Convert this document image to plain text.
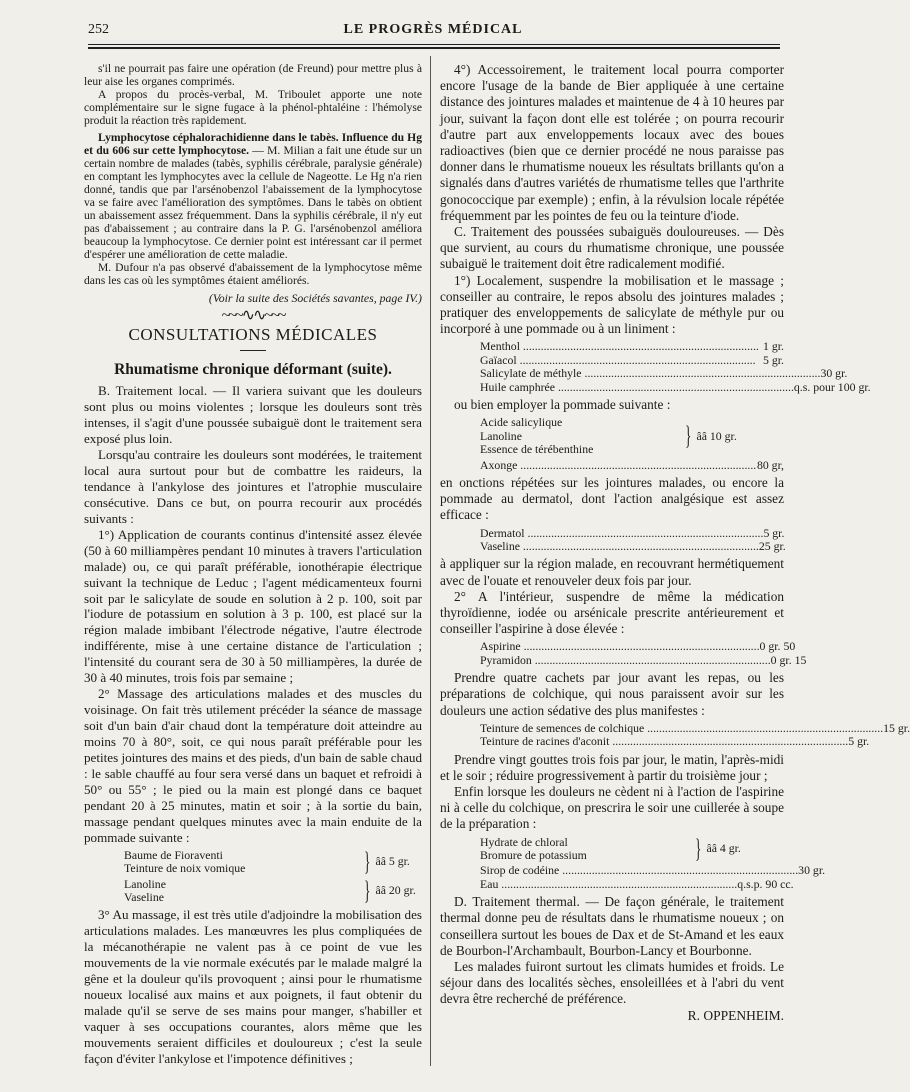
252	LE PROGRÈS MÉDICAL

s'il ne pourrait pas faire une opération (de Freund) pour mettre plus à leur aise les organes comprimés.

A propos du procès-verbal, M. Triboulet apporte une note complémentaire sur le signe fugace à la phénol-phtaléine : l'hémolyse produit la réaction très rapidement.

Lymphocytose céphalorachidienne dans le tabès. Influence du Hg et du 606 sur cette lymphocytose. — M. Milian a fait une étude sur un certain nombre de malades (tabès, syphilis cérébrale, paralysie générale) en comptant les lymphocytes avec la cellule de Nageotte. Le Hg n'a rien donné, tandis que par l'arsénobenzol l'abaissement de la lymphocytose va se faire avec l'amélioration des symptômes. Dans le tabès on obtient un abaissement assez fréquemment. Dans la syphilis cérébrale, il n'y eut pas d'abaissement ; au contraire dans la P. G. l'arsénobenzol améliora beaucoup la lymphocytose. Ce dernier point est intéressant car il permet d'espérer une amélioration de cette maladie.

M. Dufour n'a pas observé d'abaissement de la lymphocytose même dans les cas où les symptômes étaient améliorés.

(Voir la suite des Sociétés savantes, page IV.)

~~~∿∿~~~

CONSULTATIONS MÉDICALES

Rhumatisme chronique déformant (suite).

B. Traitement local. — Il variera suivant que les douleurs sont plus ou moins violentes ; lorsque les douleurs sont très intenses, il s'agit d'une poussée subaiguë dont le traitement sera exposé plus loin.

Lorsqu'au contraire les douleurs sont modérées, le traitement local aura surtout pour but de combattre les raideurs, la tendance à l'ankylose des jointures et l'atrophie musculaire consécutive. Dans ce but, on pourra recourir aux procédés suivants :

1°) Application de courants continus d'intensité assez élevée (50 à 60 milliampères pendant 10 minutes à travers l'articulation malade) ou, ce qui paraît préférable, ionothérapie électrique suivant la technique de Leduc ; l'agent médicamenteux fourni soit par le salicylate de soude en solution à 2 p. 100, soit par l'iodure de potassium en solution à 3 p. 100, est placé sur la région malade imbibant l'électrode négative, l'autre électrode indifférente, mise à une certaine distance de l'articulation ; l'intensité du courant sera de 30 à 50 milliampères, la durée de 30 à 40 minutes, trois fois par semaine ;

2° Massage des articulations malades et des muscles du voisinage. On fait très utilement précéder la séance de massage soit d'un bain d'air chaud dont la température doit atteindre au moins 70 à 80°, soit, ce qui nous paraît préférable pour les petites jointures des mains et des pieds, d'un bain de sable chaud : le sable chauffé au four sera versé dans un baquet et refroidi à 50° ou 55° ; le pied ou la main est plongé dans ce baquet pendant 20 à 25 minutes, matin et soir ; à la sortie du bain, massage pendant quelques minutes avec la main enduite de la pommade suivante :

Baume de Fioraventi
Teinture de noix vomique	} ââ 5 gr.
Lanoline
Vaseline	} ââ 20 gr.

3° Au massage, il est très utile d'adjoindre la mobilisation des articulations malades. Les manœuvres les plus compliquées de la mécanothérapie ne valent pas à ce point de vue les mouvements de la vie normale exécutés par le malade malgré la gêne et la douleur qu'ils provoquent ; ainsi pour le rhumatisme noueux localisé aux mains et aux poignets, il faut obtenir du malade qu'il se serve de ses mains pour manger, s'habiller et vaquer à ses occupations courantes, alors même que les mouvements seraient difficiles et douloureux ; c'est la seule façon d'éviter l'ankylose et l'impotence définitives ;

4°) Accessoirement, le traitement local pourra comporter encore l'usage de la bande de Bier appliquée à une certaine distance des jointures malades et maintenue de 4 à 10 heures par jour, suivant la façon dont elle est tolérée ; on pourra recourir d'autre part aux enveloppements locaux avec des boues radioactives (bien que ce dernier procédé ne nous paraisse pas donner dans le rhumatisme noueux les résultats brillants qu'on a signalés dans d'autres variétés de rhumatisme telles que l'arthrite gonococcique par exemple) ; enfin, à la révulsion locale répétée fréquemment par les pointes de feu ou la teinture d'iode.

C. Traitement des poussées subaiguës douloureuses. — Dès que survient, au cours du rhumatisme chronique, une poussée subaiguë le traitement doit être radicalement modifié.

1°) Localement, suspendre la mobilisation et le massage ; conseiller au contraire, le repos absolu des jointures malades ; pratiquer des enveloppements de salicylate de méthyle pur ou incorporé à une pommade ou à un liniment :

Menthol ................................................................................ 1 gr.
Gaïacol ................................................................................ 5 gr.
Salicylate de méthyle ................................................................................ 30 gr.
Huile camphrée ................................................................................ q.s. pour 100 gr.

ou bien employer la pommade suivante :

Acide salicylique
Lanoline
Essence de térébenthine	} ââ 10 gr.
Axonge ................................................................................ 80 gr,

en onctions répétées sur les jointures malades, ou encore la pommade au dermatol, dont l'action analgésique est assez efficace :

Dermatol ................................................................................ 5 gr.
Vaseline ................................................................................ 25 gr.

à appliquer sur la région malade, en recouvrant hermétiquement avec de l'ouate et renouveler deux fois par jour.

2° A l'intérieur, suspendre de même la médication thyroïdienne, iodée ou arsénicale prescrite antérieurement et conseiller l'aspirine à dose élevée :

Aspirine ................................................................................ 0 gr. 50
Pyramidon ................................................................................ 0 gr. 15

Prendre quatre cachets par jour avant les repas, ou les préparations de colchique, qui nous paraissent avoir sur les douleurs une action sédative des plus manifestes :

Teinture de semences de colchique ................................................................................ 15 gr.
Teinture de racines d'aconit ................................................................................ 5 gr.

Prendre vingt gouttes trois fois par jour, le matin, l'après-midi et le soir ; réduire progressivement à partir du troisième jour ;

Enfin lorsque les douleurs ne cèdent ni à l'action de l'aspirine ni à celle du colchique, on prescrira le soir une cuillerée à soupe de la préparation :

Hydrate de chloral
Bromure de potassium	} ââ 4 gr.
Sirop de codéine ................................................................................ 30 gr.
Eau ................................................................................ q.s.p. 90 cc.

D. Traitement thermal. — De façon générale, le traitement thermal donne peu de résultats dans le rhumatisme noueux ; on conseillera surtout les boues de Dax et de St-Amand et les eaux de Bourbon-l'Archambault, Bourbon-Lancy et Bourbonne.

Les malades fuiront surtout les climats humides et froids. Le séjour dans des localités sèches, ensoleillées et à l'abri du vent devra être recherché de préférence.

R. OPPENHEIM.
